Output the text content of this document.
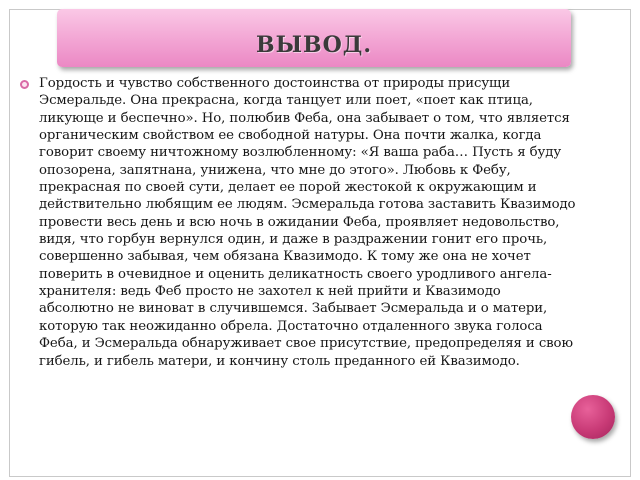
ВЫВОД.

Гордость и чувство собственного достоинства от природы присущи Эсмеральде. Она прекрасна, когда танцует или поет, «поет как птица, ликующе и беспечно». Но, полюбив Феба, она забывает о том, что является органическим свойством ее свободной натуры. Она почти жалка, когда говорит своему ничтожному возлюбленному: «Я ваша раба… Пусть я буду опозорена, запятнана, унижена, что мне до этого». Любовь к Фебу, прекрасная по своей сути, делает ее порой жестокой к окружающим и действительно любящим ее людям. Эсмеральда готова заставить Квазимодо провести весь день и всю ночь в ожидании Феба, проявляет недовольство, видя, что горбун вернулся один, и даже в раздражении гонит его прочь, совершенно забывая, чем обязана Квазимодо. К тому же она не хочет поверить в очевидное и оценить деликатность своего уродливого ангела-хранителя: ведь Феб просто не захотел к ней прийти и Квазимодо абсолютно не виноват в случившемся. Забывает Эсмеральда и о матери, которую так неожиданно обрела. Достаточно отдаленного звука голоса Феба, и Эсмеральда обнаруживает свое присутствие, предопределяя и свою гибель, и гибель матери, и кончину столь преданного ей Квазимодо.
